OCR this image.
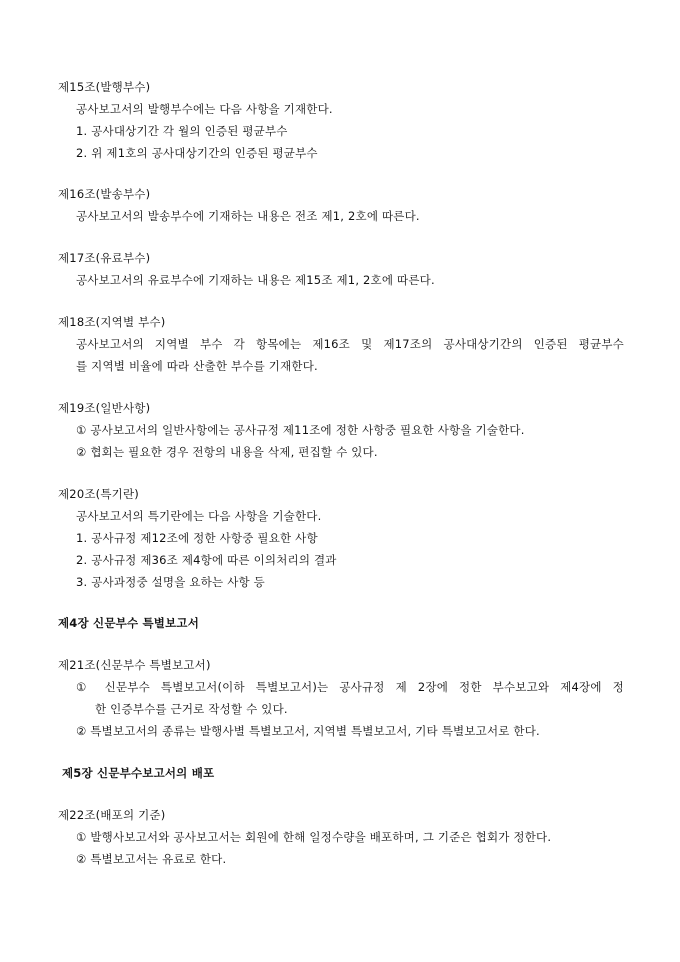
제15조(발행부수)
공사보고서의 발행부수에는 다음 사항을 기재한다.
1. 공사대상기간 각 월의 인증된 평균부수
2. 위 제1호의 공사대상기간의 인증된 평균부수
제16조(발송부수)
공사보고서의 발송부수에 기재하는 내용은 전조 제1, 2호에 따른다.
제17조(유료부수)
공사보고서의 유료부수에 기재하는 내용은 제15조 제1, 2호에 따른다.
제18조(지역별 부수)
공사보고서의 지역별 부수 각 항목에는 제16조 및 제17조의 공사대상기간의 인증된 평균부수
를 지역별 비율에 따라 산출한 부수를 기재한다.
제19조(일반사항)
① 공사보고서의 일반사항에는 공사규정 제11조에 정한 사항중 필요한 사항을 기술한다.
② 협회는 필요한 경우 전항의 내용을 삭제, 편집할 수 있다.
제20조(특기란)
공사보고서의 특기란에는 다음 사항을 기술한다.
1. 공사규정 제12조에 정한 사항중 필요한 사항
2. 공사규정 제36조 제4항에 따른 이의처리의 결과
3. 공사과정중 설명을 요하는 사항 등
제4장 신문부수 특별보고서
제21조(신문부수 특별보고서)
① 신문부수 특별보고서(이하 특별보고서)는 공사규정 제 2장에 정한 부수보고와 제4장에 정
한 인증부수를 근거로 작성할 수 있다.
② 특별보고서의 종류는 발행사별 특별보고서, 지역별 특별보고서, 기타 특별보고서로 한다.
제5장 신문부수보고서의 배포
제22조(배포의 기준)
① 발행사보고서와 공사보고서는 회원에 한해 일정수량을 배포하며, 그 기준은 협회가 정한다.
② 특별보고서는 유료로 한다.
